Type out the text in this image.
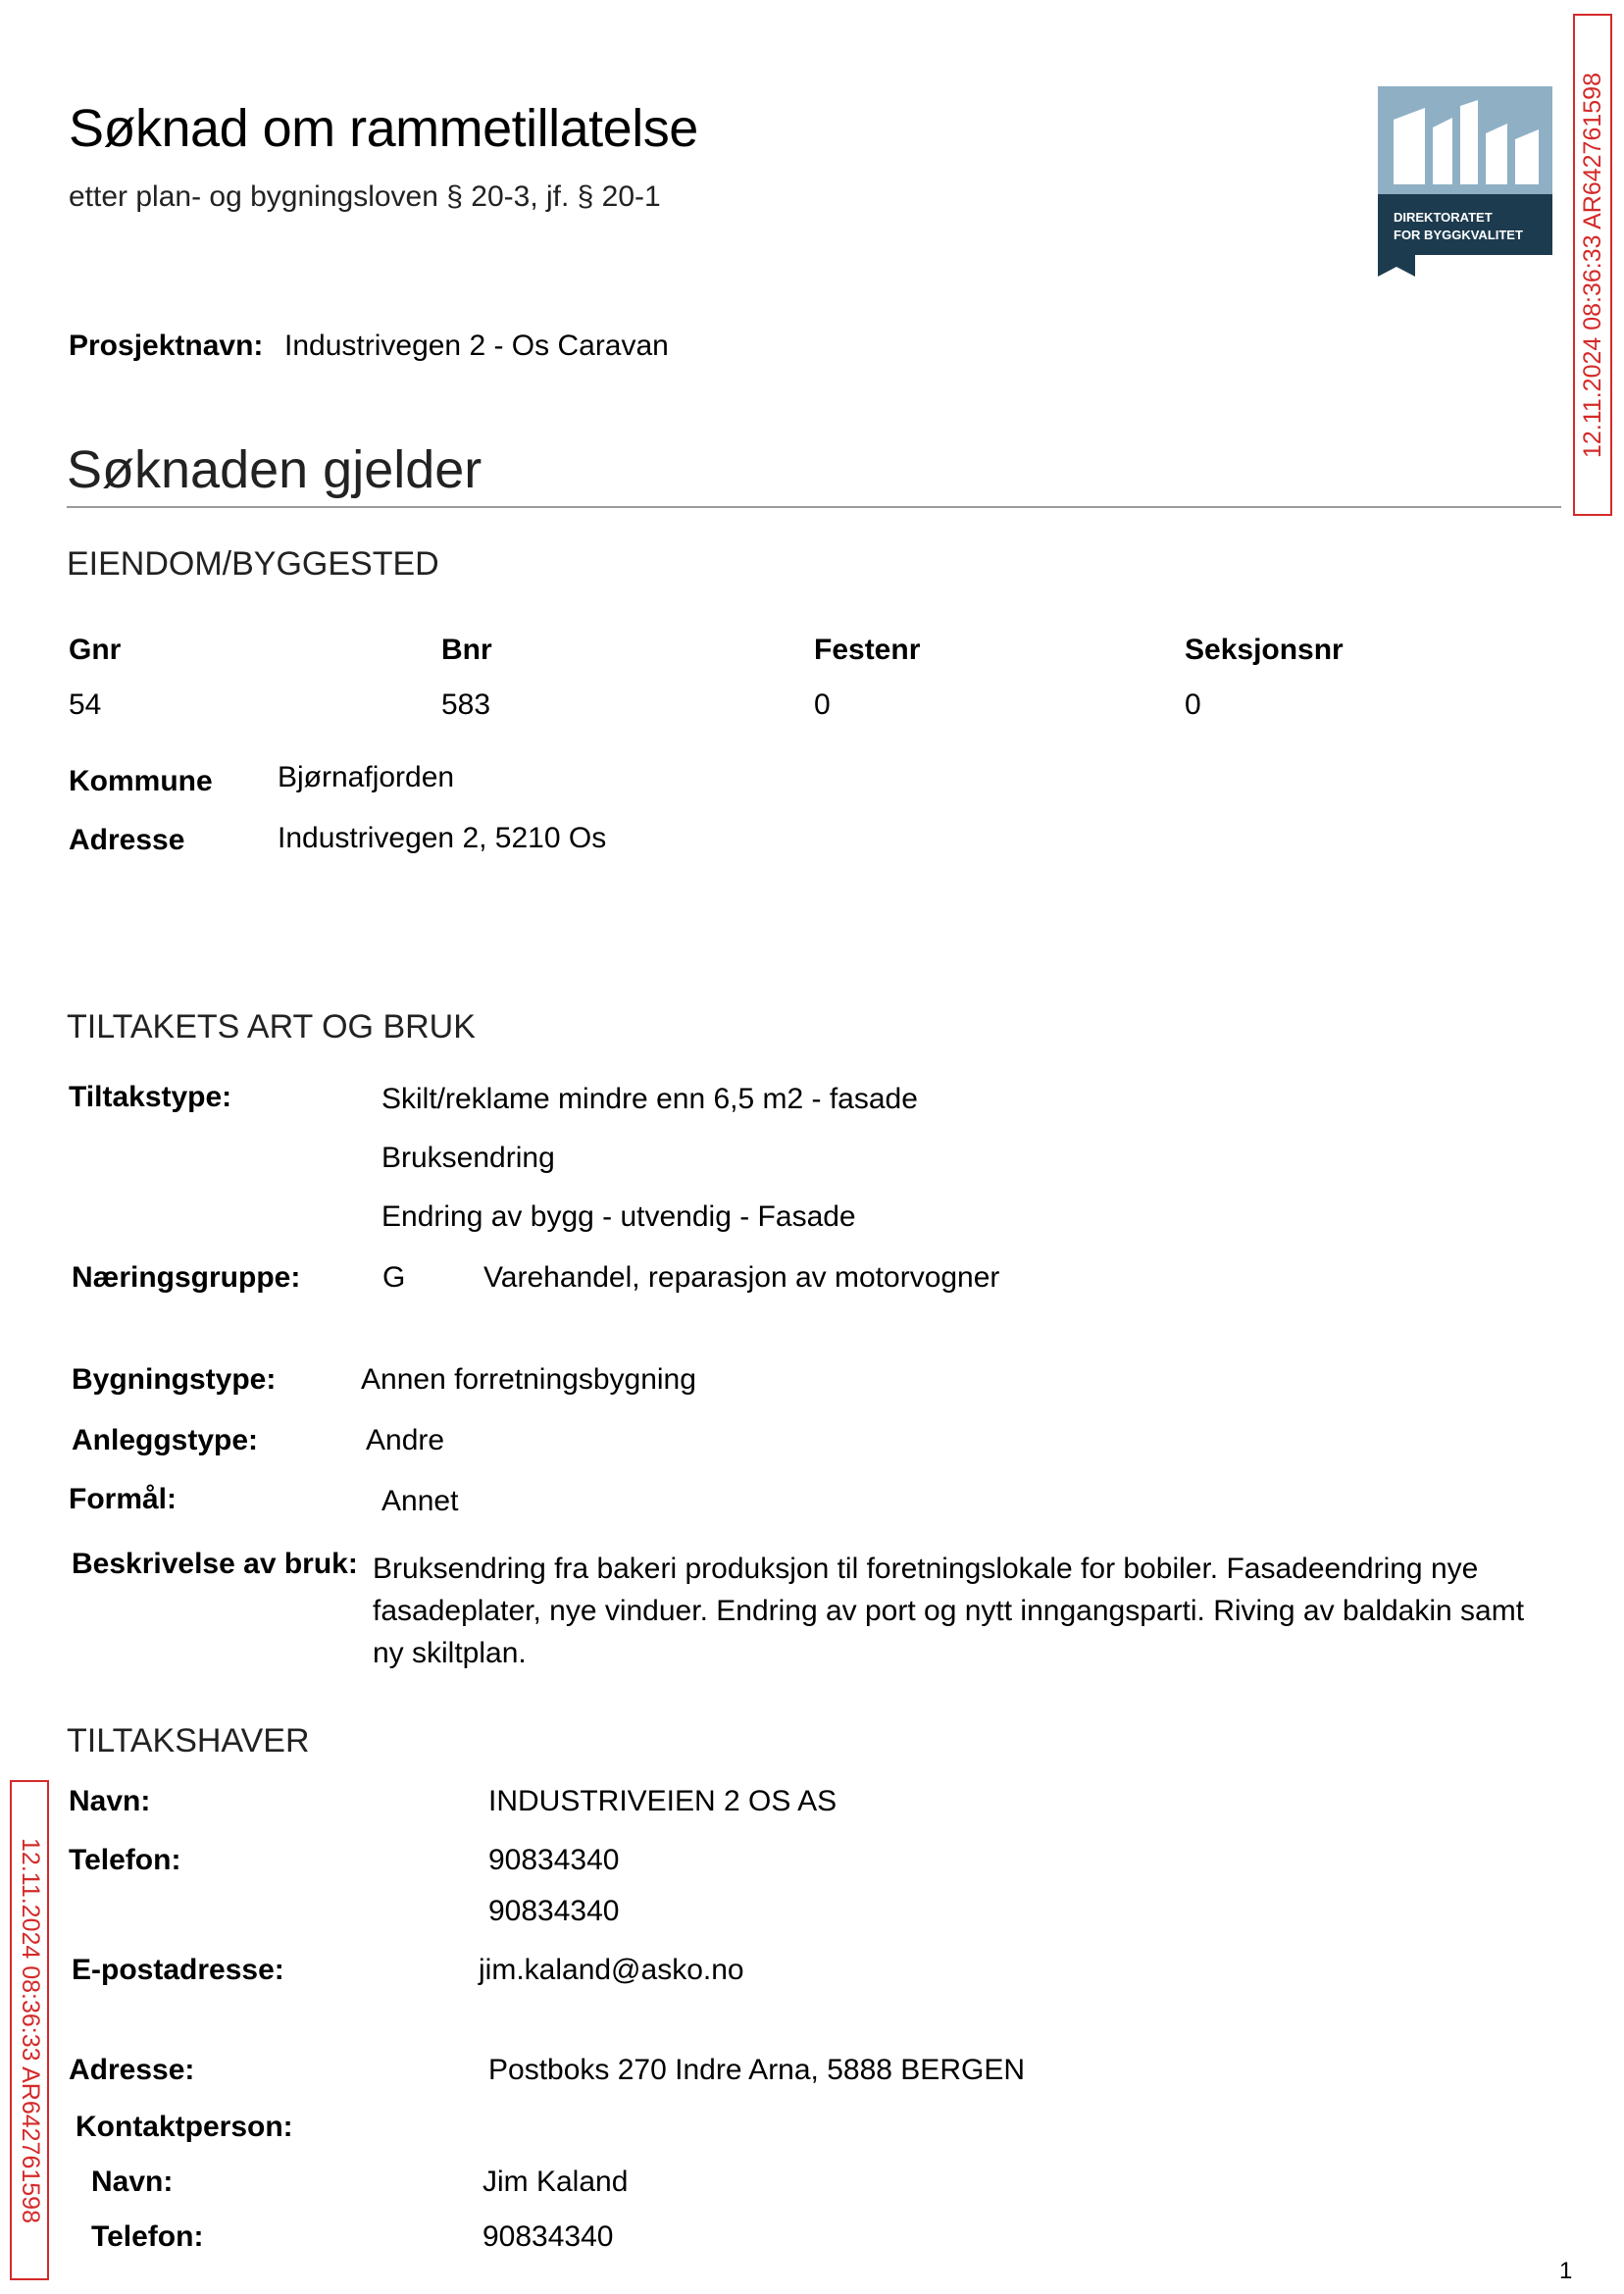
Søknad om rammetillatelse
etter plan- og bygningsloven § 20-3, jf. § 20-1
DIREKTORATET
FOR BYGGKVALITET 12.11.2024 08:36:33 AR642761598
12.11.2024 08:36:33 AR642761598
Prosjektnavn: Industrivegen 2 - Os Caravan
Søknaden gjelder
EIENDOM/BYGGESTED
Gnr	Bnr	Festenr	Seksjonsnr
54	583	0	0
Kommune Bjørnafjorden
Adresse	Industrivegen 2, 5210 Os
TILTAKETS ART OG BRUK
Tiltakstype:	Skilt/reklame mindre enn 6,5 m2 - fasade
Bruksendring
Endring av bygg - utvendig - Fasade
Næringsgruppe:	G	Varehandel, reparasjon av motorvogner
Bygningstype:	Annen forretningsbygning
Anleggstype:	Andre
Formål:	Annet
Beskrivelse av bruk: Bruksendring fra bakeri produksjon til foretningslokale for bobiler. Fasadeendring nye fasadeplater, nye vinduer. Endring av port og nytt inngangsparti. Riving av baldakin samt ny skiltplan.
TILTAKSHAVER
Navn:	INDUSTRIVEIEN 2 OS AS
Telefon:	90834340
90834340
E-postadresse:	jim.kaland@asko.no
Adresse:	Postboks 270 Indre Arna, 5888 BERGEN
Kontaktperson:
Navn:	Jim Kaland
Telefon:	90834340
1
